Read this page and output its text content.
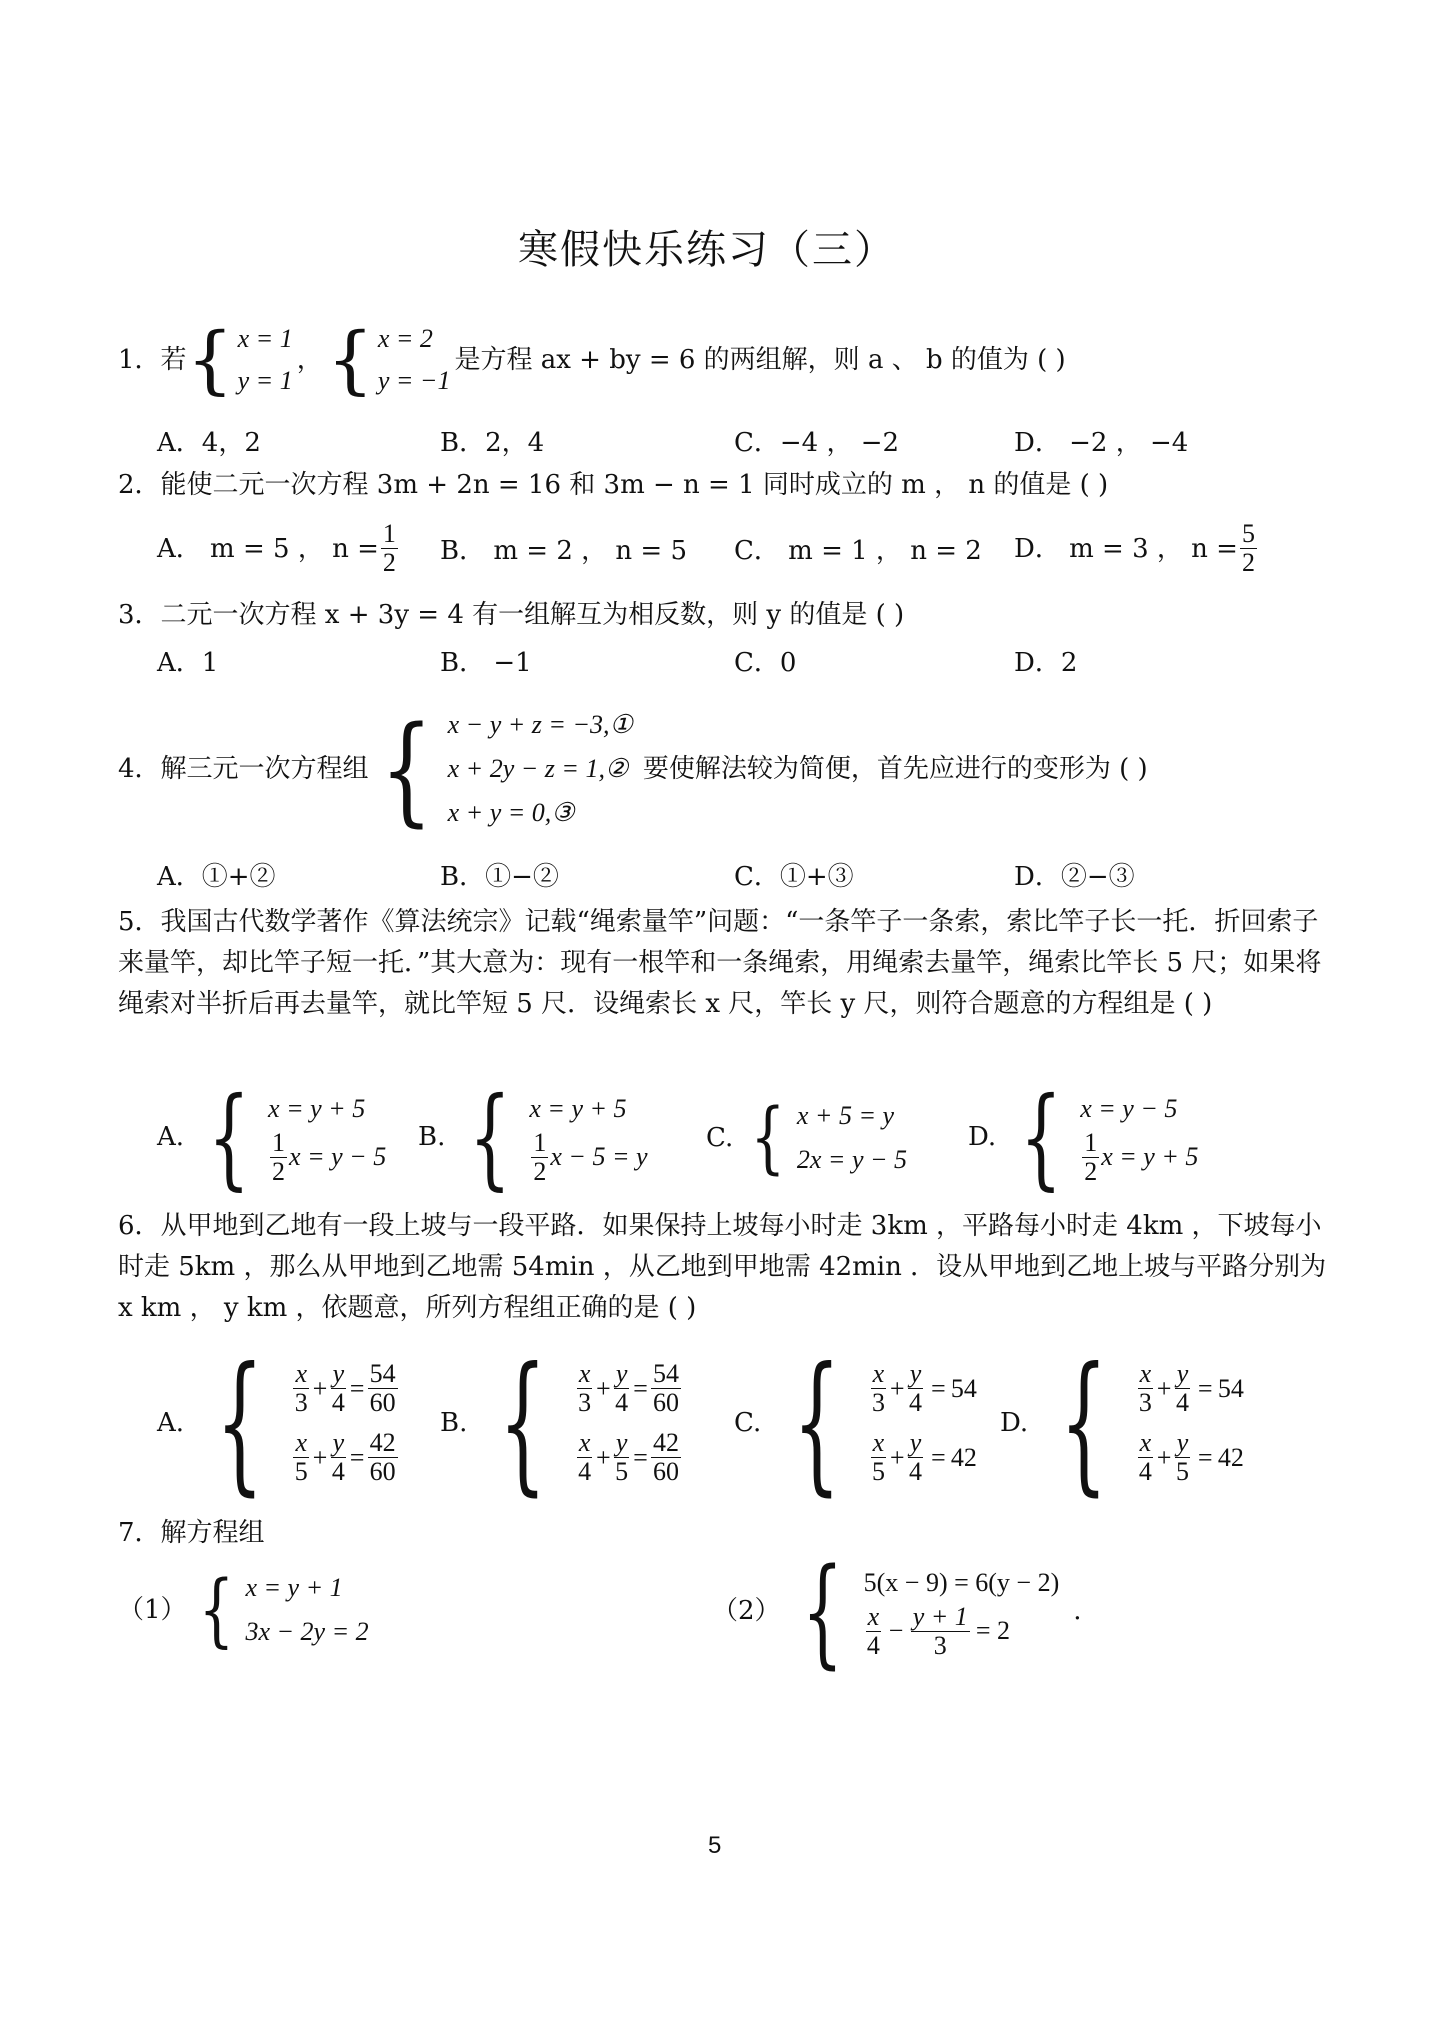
寒假快乐练习（三）
1．若 { x = 1
y = 1
， { x = 2
y = −1
是方程 ax + by = 6 的两组解，则 a 、 b 的值为 ( )
A．4，2	B．2，4	C．−4 ， −2	D． −2 ， −4
2．能使二元一次方程 3m + 2n = 16 和 3m − n = 1 同时成立的 m ， n 的值是 ( )
A． m = 5 ， $n = \frac{1}{2}$ B． m = 2 ， n = 5 C． m = 1 ， n = 2 D． m = 3 ， $n = \frac{5}{2}$
3．二元一次方程 x + 3y = 4 有一组解互为相反数，则 y 的值是 ( )
A．1	B． −1	C．0	D．2
4．解三元一次方程组 { x − y + z = −3,①
x + 2y − z = 1,②
x + y = 0,③
要使解法较为简便，首先应进行的变形为 ( )
A．①+②	B．①−②	C．①+③	D．②−③
5．我国古代数学著作《算法统宗》记载“绳索量竿”问题：“一条竿子一条索，索比竿子长一托．折回索子来量竿，却比竿子短一托．”其大意为：现有一根竿和一条绳索，用绳索去量竿，绳索比竿长 5 尺；如果将绳索对半折后再去量竿，就比竿短 5 尺．设绳索长 x 尺，竿长 y 尺，则符合题意的方程组是 ( )
A. { x = y + 5
$\frac{1}{2}$ x = y − 5
B. { x = y + 5
$\frac{1}{2}$ x − 5 = y
C. { x + 5 = y
2x = y − 5
D. { x = y − 5
$\frac{1}{2}$ x = y + 5
6．从甲地到乙地有一段上坡与一段平路．如果保持上坡每小时走 3km ，平路每小时走 4km ，下坡每小时走 5km ，那么从甲地到乙地需 54min ，从乙地到甲地需 42min ．设从甲地到乙地上坡与平路分别为 x km ， y km ，依题意，所列方程组正确的是 ( )
A. { $\frac{x}{3} + \frac{y}{4} = \frac{54}{60}$
$\frac{x}{5} + \frac{y}{4} = \frac{42}{60}$
B. { $\frac{x}{3} + \frac{y}{4} = \frac{54}{60}$
$\frac{x}{4} + \frac{y}{5} = \frac{42}{60}$
C. { $\frac{x}{3} + \frac{y}{4} = 54$
$\frac{x}{5} + \frac{y}{4} = 42$
D. { $\frac{x}{3} + \frac{y}{4} = 54$
$\frac{x}{4} + \frac{y}{5} = 42$
7．解方程组
（1） { x = y + 1
3x − 2y = 2
（2） { 5(x − 9) = 6(y − 2)
$\frac{x}{4} - \frac{y + 1}{3} = 2$
.
5
